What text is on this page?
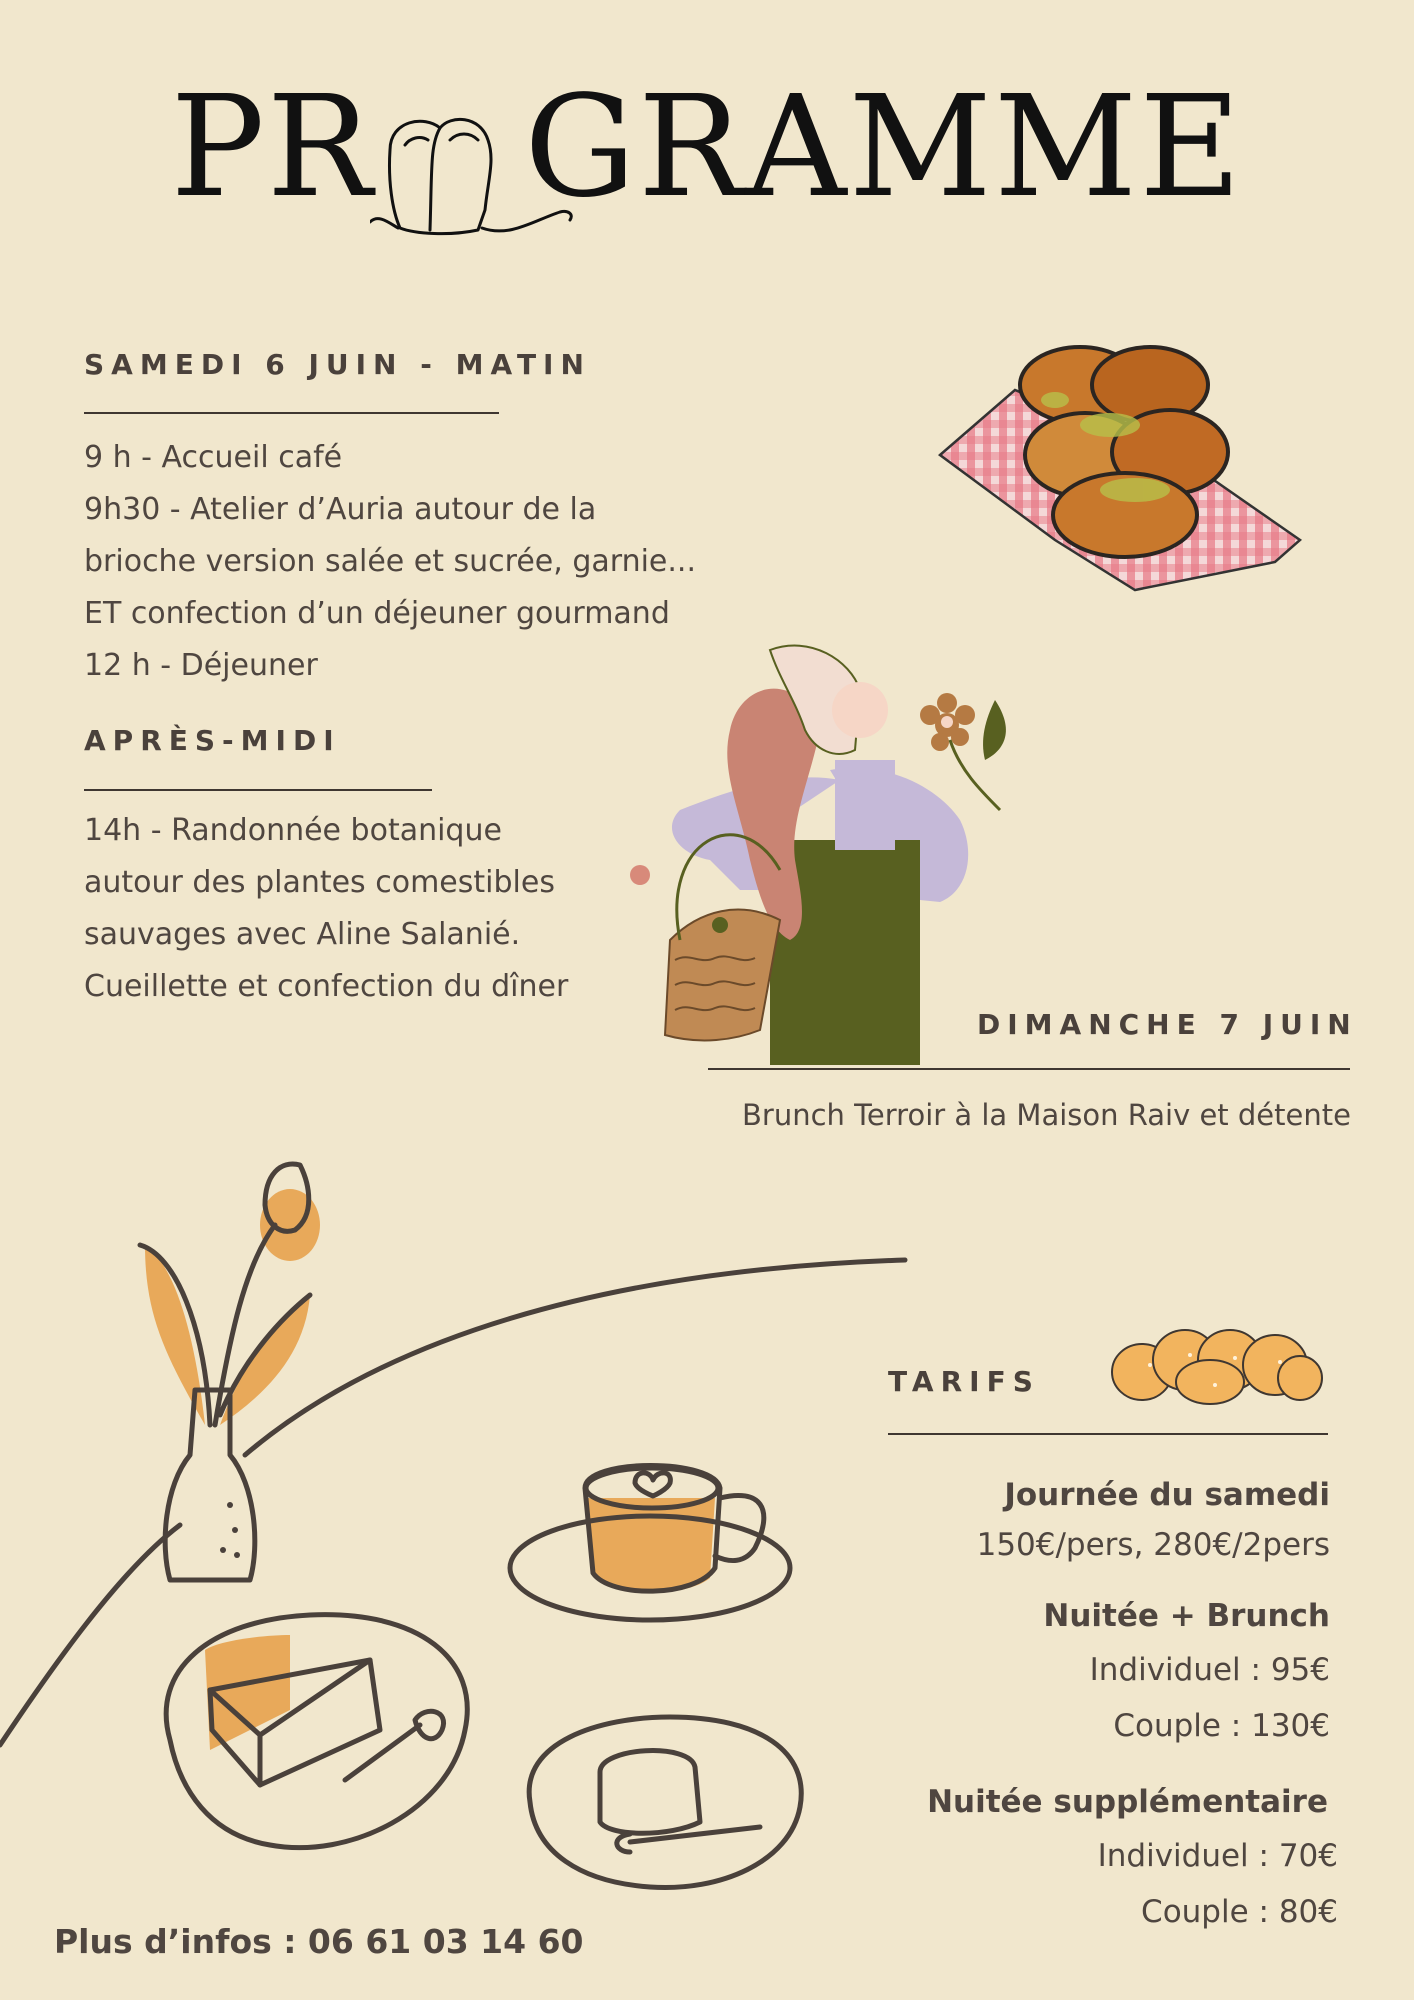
PR GRAMME
SAMEDI 6 JUIN - MATIN
9 h - Accueil café
9h30 - Atelier d’Auria autour de la
brioche version salée et sucrée, garnie...
ET confection d’un déjeuner gourmand
12 h - Déjeuner
APRÈS-MIDI
14h - Randonnée botanique
autour des plantes comestibles
sauvages avec Aline Salanié.
Cueillette et confection du dîner
DIMANCHE 7 JUIN
Brunch Terroir à la Maison Raiv et détente
TARIFS
Journée du samedi
150€/pers, 280€/2pers
Nuitée + Brunch
Individuel : 95€
Couple : 130€
Nuitée supplémentaire
Individuel : 70€
Couple : 80€
Plus d’infos : 06 61 03 14 60
